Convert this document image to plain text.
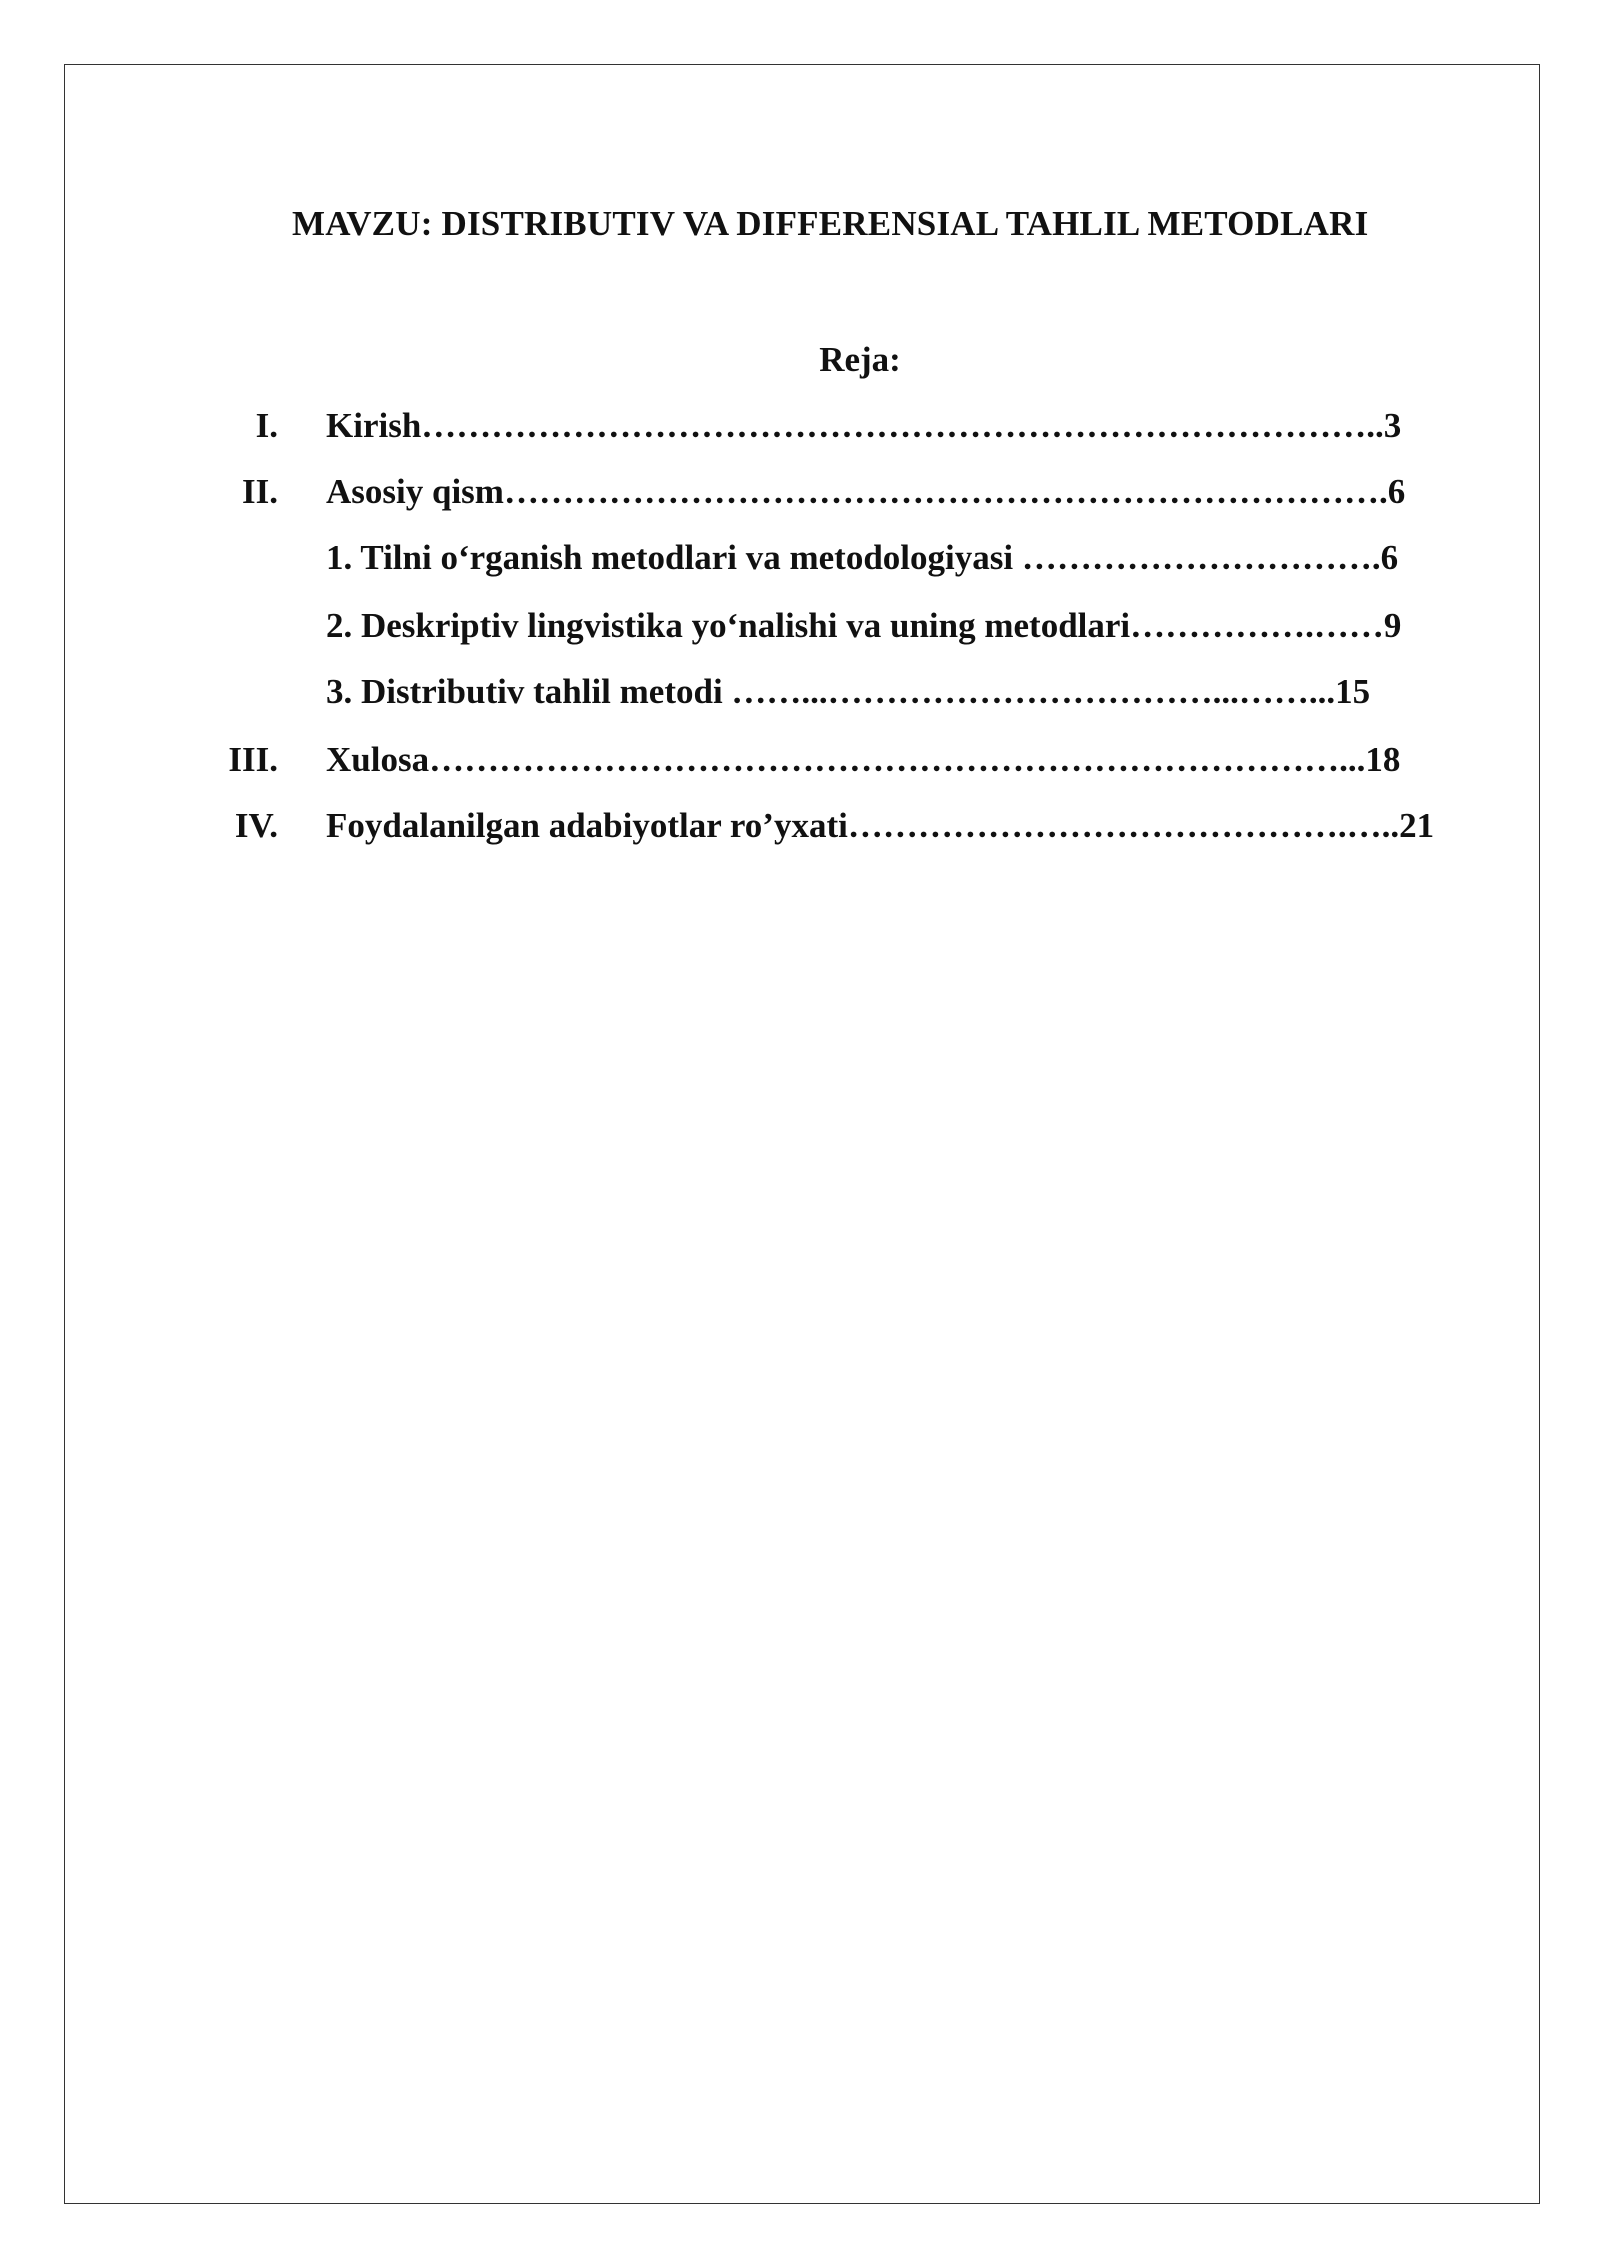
MAVZU: DISTRIBUTIV VA DIFFERENSIAL TAHLIL METODLARI
Reja:
I. Kirish………………………………………………………………………..3
II. Asosiy qism………………………………………………………………….6
1. Tilni o‘rganish metodlari va metodologiyasi ………………………….6
2. Deskriptiv lingvistika yo‘nalishi va uning metodlari…………….……9
3. Distributiv tahlil metodi ……...……………………………...……...15
III. Xulosa……………………………………………………………………...18
IV. Foydalanilgan adabiyotlar ro’yxati…………………………………….…..21
